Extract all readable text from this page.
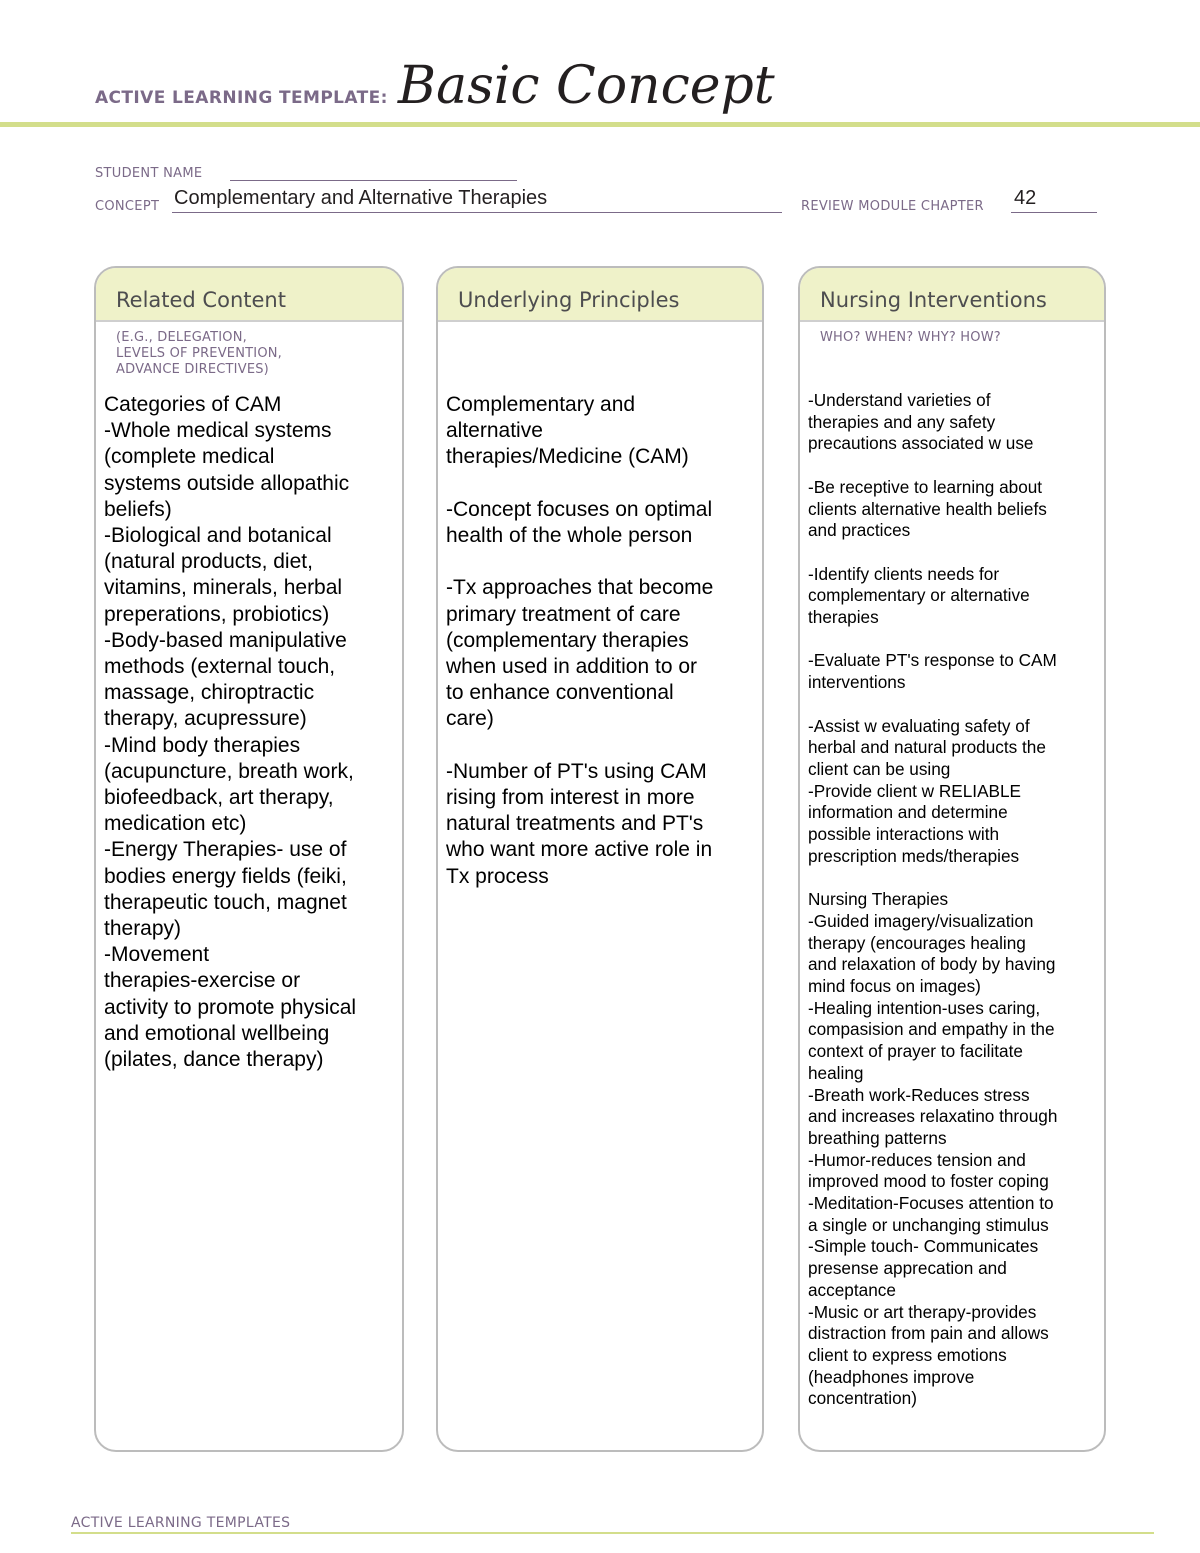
ACTIVE LEARNING TEMPLATE: Basic Concept
STUDENT NAME
CONCEPT Complementary and Alternative Therapies	REVIEW MODULE CHAPTER 42
Related Content
(E.G., DELEGATION,
LEVELS OF PREVENTION,
ADVANCE DIRECTIVES)
Categories of CAM
-Whole medical systems
(complete medical
systems outside allopathic
beliefs)
-Biological and botanical
(natural products, diet,
vitamins, minerals, herbal
preperations, probiotics)
-Body-based manipulative
methods (external touch,
massage, chiroptractic
therapy, acupressure)
-Mind body therapies
(acupuncture, breath work,
biofeedback, art therapy,
medication etc)
-Energy Therapies- use of
bodies energy fields (feiki,
therapeutic touch, magnet
therapy)
-Movement
therapies-exercise or
activity to promote physical
and emotional wellbeing
(pilates, dance therapy)
Underlying Principles
Complementary and
alternative
therapies/Medicine (CAM)

-Concept focuses on optimal
health of the whole person

-Tx approaches that become
primary treatment of care
(complementary therapies
when used in addition to or
to enhance conventional
care)

-Number of PT's using CAM
rising from interest in more
natural treatments and PT's
who want more active role in
Tx process
Nursing Interventions
WHO? WHEN? WHY? HOW?
-Understand varieties of
therapies and any safety
precautions associated w use

-Be receptive to learning about
clients alternative health beliefs
and practices

-Identify clients needs for
complementary or alternative
therapies

-Evaluate PT's response to CAM
interventions

-Assist w evaluating safety of
herbal and natural products the
client can be using
-Provide client w RELIABLE
information and determine
possible interactions with
prescription meds/therapies

Nursing Therapies
-Guided imagery/visualization
therapy (encourages healing
and relaxation of body by having
mind focus on images)
-Healing intention-uses caring,
compasision and empathy in the
context of prayer to facilitate
healing
-Breath work-Reduces stress
and increases relaxatino through
breathing patterns
-Humor-reduces tension and
improved mood to foster coping
-Meditation-Focuses attention to
a single or unchanging stimulus
-Simple touch- Communicates
presense apprecation and
acceptance
-Music or art therapy-provides
distraction from pain and allows
client to express emotions
(headphones improve
concentration)
ACTIVE LEARNING TEMPLATES
